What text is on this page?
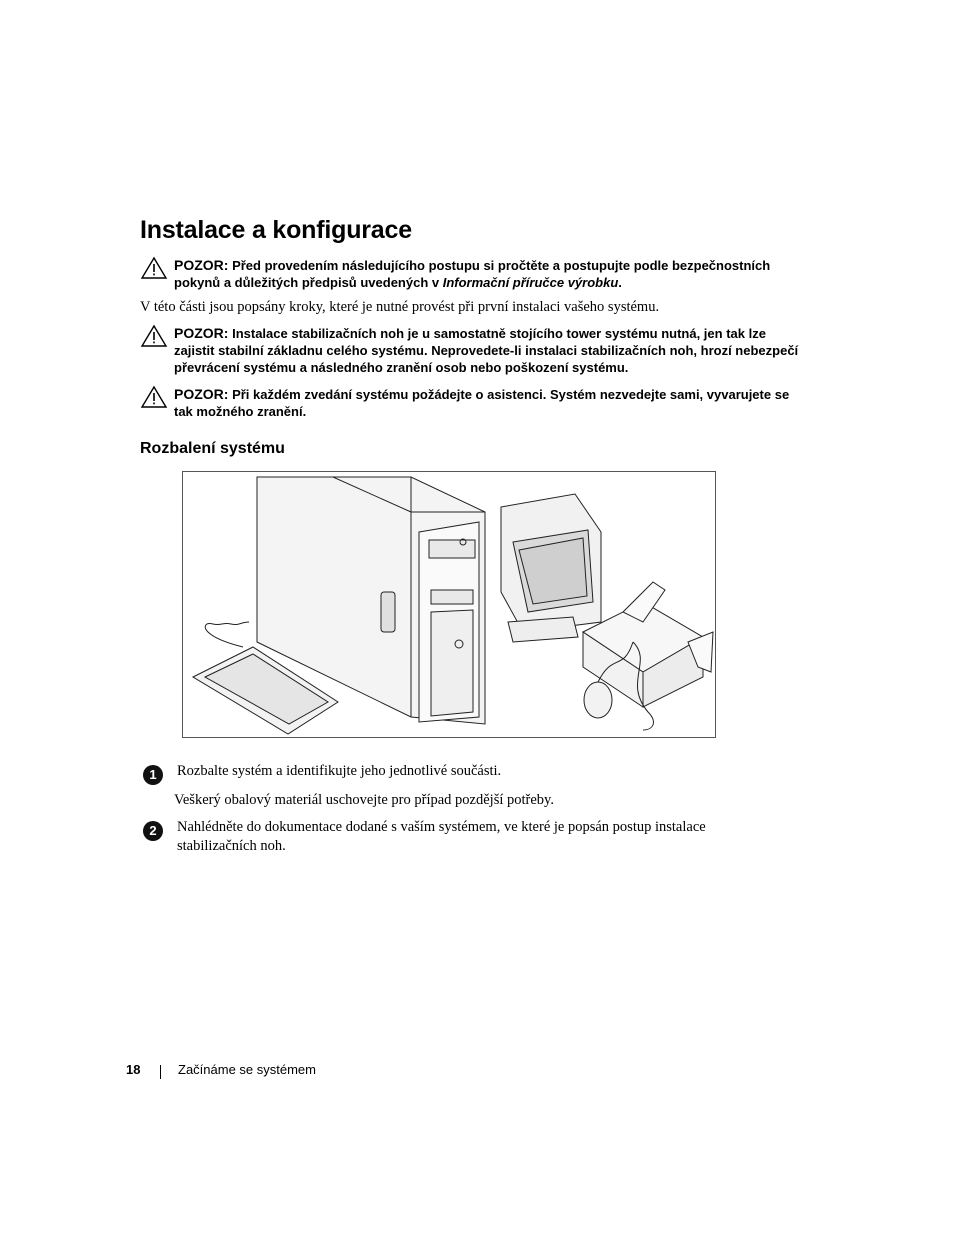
Instalace a konfigurace
POZOR: Před provedením následujícího postupu si pročtěte a postupujte podle bezpečnostních pokynů a důležitých předpisů uvedených v Informační příručce výrobku.
V této části jsou popsány kroky, které je nutné provést při první instalaci vašeho systému.
POZOR: Instalace stabilizačních noh je u samostatně stojícího tower systému nutná, jen tak lze zajistit stabilní základnu celého systému. Neprovedete-li instalaci stabilizačních noh, hrozí nebezpečí převrácení systému a následného zranění osob nebo poškození systému.
POZOR: Při každém zvedání systému požádejte o asistenci. Systém nezvedejte sami, vyvarujete se tak možného zranění.
Rozbalení systému
1	Rozbalte systém a identifikujte jeho jednotlivé součásti.
Veškerý obalový materiál uschovejte pro případ pozdější potřeby.
2	Nahlédněte do dokumentace dodané s vaším systémem, ve které je popsán postup instalace stabilizačních noh.
18	Začínáme se systémem
